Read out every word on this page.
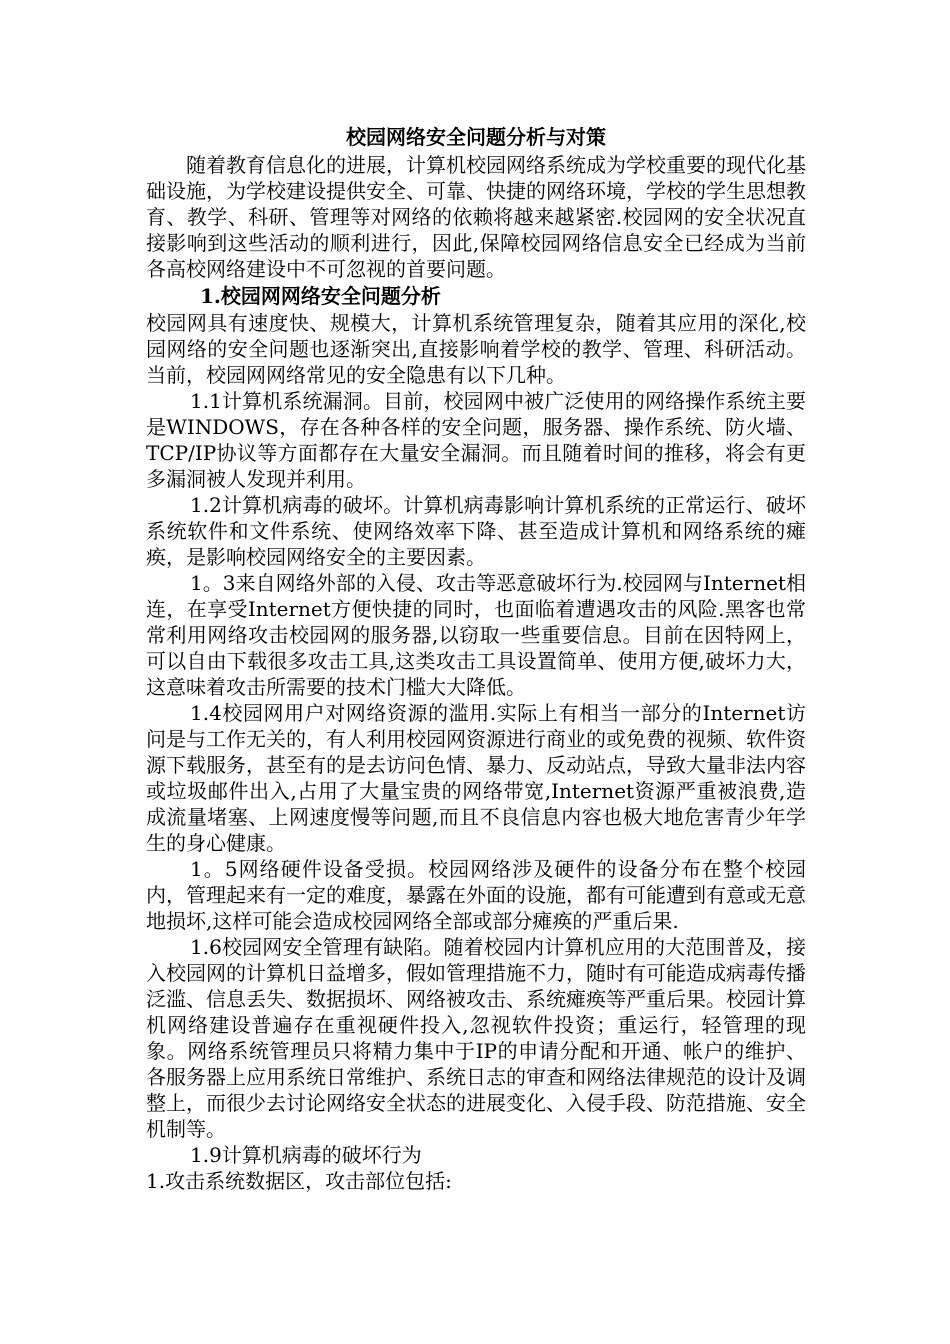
校园网络安全问题分析与对策

随着教育信息化的进展，计算机校园网络系统成为学校重要的现代化基础设施，为学校建设提供安全、可靠、快捷的网络环境，学校的学生思想教育、教学、科研、管理等对网络的依赖将越来越紧密.校园网的安全状况直接影响到这些活动的顺利进行，因此,保障校园网络信息安全已经成为当前各高校网络建设中不可忽视的首要问题。

1.校园网网络安全问题分析

校园网具有速度快、规模大，计算机系统管理复杂，随着其应用的深化,校园网络的安全问题也逐渐突出,直接影响着学校的教学、管理、科研活动。当前，校园网网络常见的安全隐患有以下几种。

1.1计算机系统漏洞。目前，校园网中被广泛使用的网络操作系统主要是WINDOWS，存在各种各样的安全问题，服务器、操作系统、防火墙、TCP/IP协议等方面都存在大量安全漏洞。而且随着时间的推移，将会有更多漏洞被人发现并利用。

1.2计算机病毒的破坏。计算机病毒影响计算机系统的正常运行、破坏系统软件和文件系统、使网络效率下降、甚至造成计算机和网络系统的瘫痪，是影响校园网络安全的主要因素。

1。3来自网络外部的入侵、攻击等恶意破坏行为.校园网与Internet相连，在享受Internet方便快捷的同时，也面临着遭遇攻击的风险.黑客也常常利用网络攻击校园网的服务器,以窃取一些重要信息。目前在因特网上，可以自由下载很多攻击工具,这类攻击工具设置简单、使用方便,破坏力大，这意味着攻击所需要的技术门槛大大降低。

1.4校园网用户对网络资源的滥用.实际上有相当一部分的Internet访问是与工作无关的，有人利用校园网资源进行商业的或免费的视频、软件资源下载服务，甚至有的是去访问色情、暴力、反动站点，导致大量非法内容或垃圾邮件出入,占用了大量宝贵的网络带宽,Internet资源严重被浪费,造成流量堵塞、上网速度慢等问题,而且不良信息内容也极大地危害青少年学生的身心健康。

1。5网络硬件设备受损。校园网络涉及硬件的设备分布在整个校园内，管理起来有一定的难度，暴露在外面的设施，都有可能遭到有意或无意地损坏,这样可能会造成校园网络全部或部分瘫痪的严重后果.

1.6校园网安全管理有缺陷。随着校园内计算机应用的大范围普及，接入校园网的计算机日益增多，假如管理措施不力，随时有可能造成病毒传播泛滥、信息丢失、数据损坏、网络被攻击、系统瘫痪等严重后果。校园计算机网络建设普遍存在重视硬件投入,忽视软件投资；重运行，轻管理的现象。网络系统管理员只将精力集中于IP的申请分配和开通、帐户的维护、各服务器上应用系统日常维护、系统日志的审查和网络法律规范的设计及调整上，而很少去讨论网络安全状态的进展变化、入侵手段、防范措施、安全机制等。

1.9计算机病毒的破坏行为

1.攻击系统数据区，攻击部位包括:
